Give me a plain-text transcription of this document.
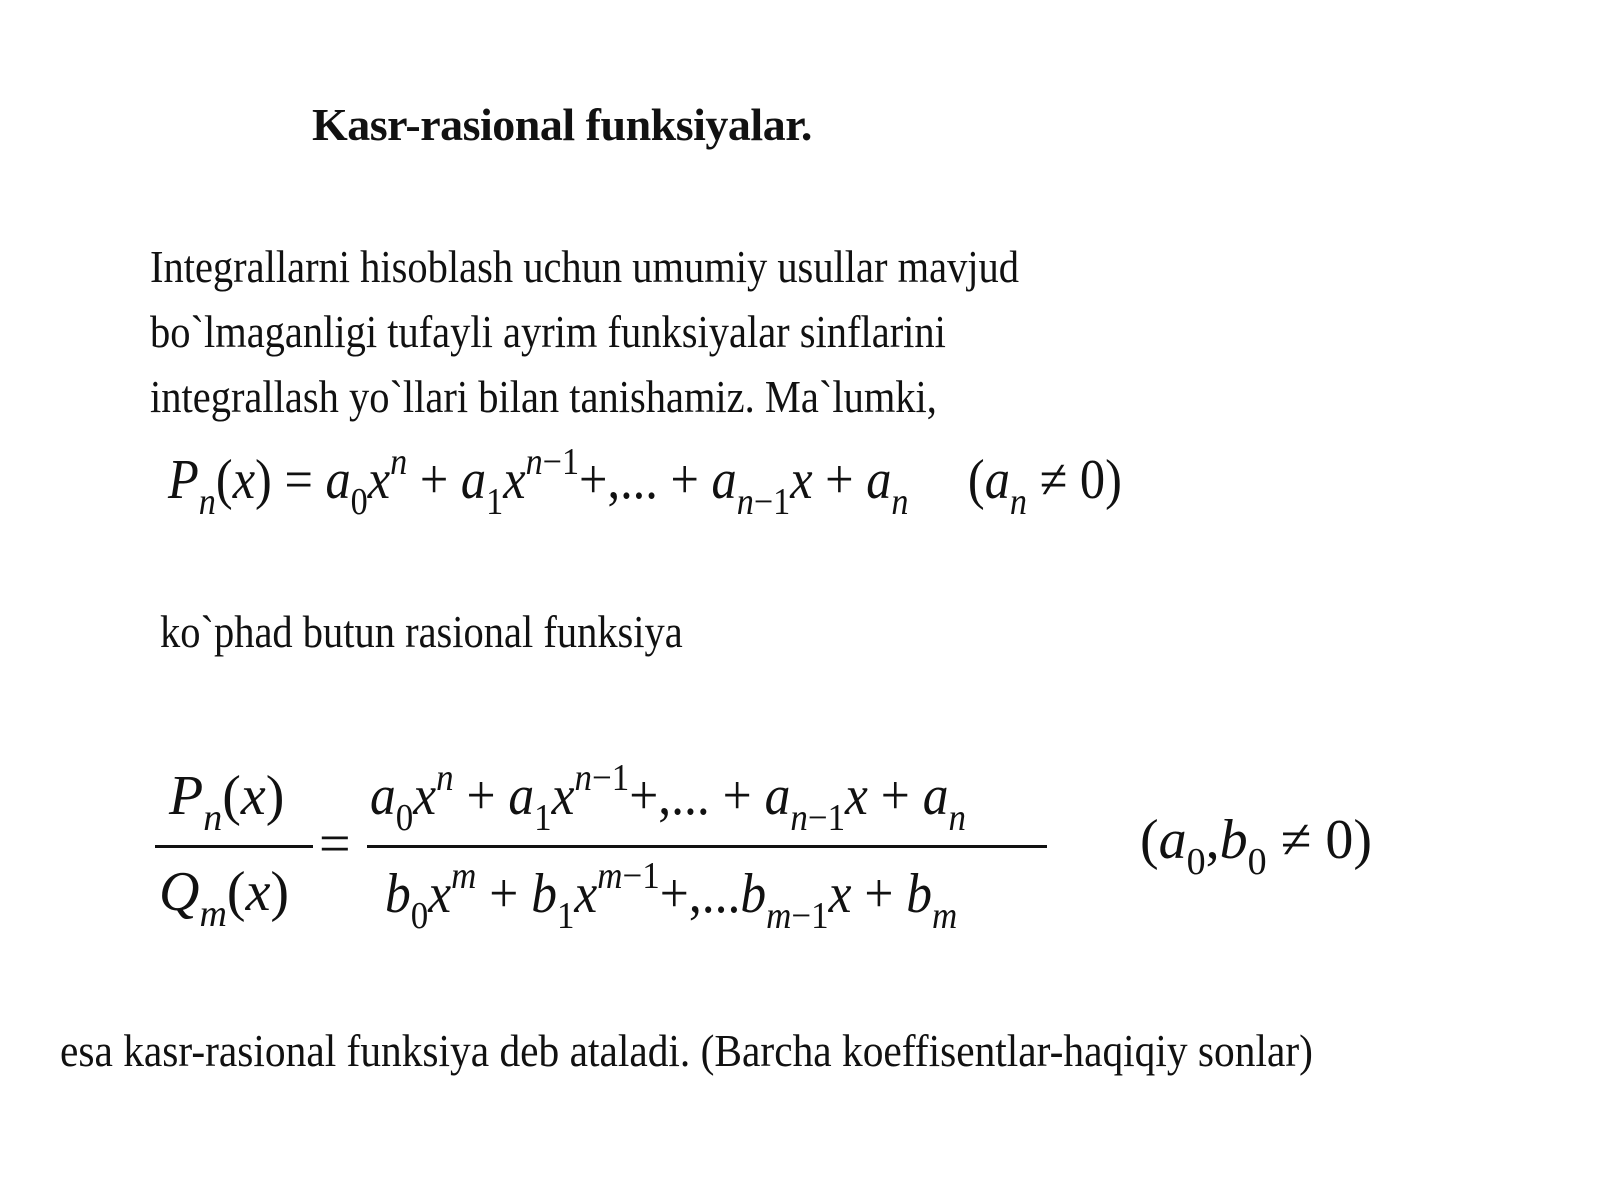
Kasr-rasional funksiyalar.
Integrallarni hisoblash uchun umumiy usullar mavjud
bo`lmaganligi tufayli ayrim funksiyalar sinflarini
integrallash yo`llari bilan tanishamiz. Ma`lumki,
$P_n(x) = a_0x^n + a_1x^{n-1}+$,... + $a_{n-1}x + a_n$ $(a_n \ne 0)$
ko`phad butun rasional funksiya
$P_n(x)$
$Q_m(x)$
=
$a_0x^n + a_1x^{n-1}+$,... + $a_{n-1}x + a_n$
$b_0x^m + b_1x^{m-1}+,...b_{m-1}x + b_m$
$(a_0,b_0 \ne 0)$
esa kasr-rasional funksiya deb ataladi. (Barcha koeffisentlar-haqiqiy sonlar)
